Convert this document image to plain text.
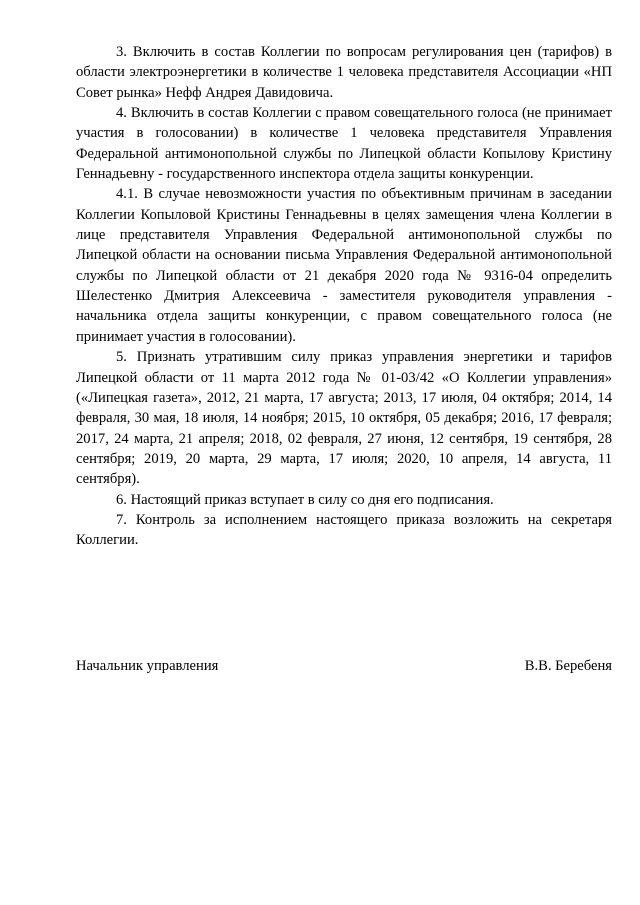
3. Включить в состав Коллегии по вопросам регулирования цен (тарифов) в области электроэнергетики в количестве 1 человека представителя Ассоциации «НП Совет рынка» Нефф Андрея Давидовича.

4. Включить в состав Коллегии с правом совещательного голоса (не принимает участия в голосовании) в количестве 1 человека представителя Управления Федеральной антимонопольной службы по Липецкой области Копылову Кристину Геннадьевну - государственного инспектора отдела защиты конкуренции.

4.1. В случае невозможности участия по объективным причинам в заседании Коллегии Копыловой Кристины Геннадьевны в целях замещения члена Коллегии в лице представителя Управления Федеральной антимонопольной службы по Липецкой области на основании письма Управления Федеральной антимонопольной службы по Липецкой области от 21 декабря 2020 года № 9316-04 определить Шелестенко Дмитрия Алексеевича - заместителя руководителя управления - начальника отдела защиты конкуренции, с правом совещательного голоса (не принимает участия в голосовании).

5. Признать утратившим силу приказ управления энергетики и тарифов Липецкой области от 11 марта 2012 года № 01-03/42 «О Коллегии управления» («Липецкая газета», 2012, 21 марта, 17 августа; 2013, 17 июля, 04 октября; 2014, 14 февраля, 30 мая, 18 июля, 14 ноября; 2015, 10 октября, 05 декабря; 2016, 17 февраля; 2017, 24 марта, 21 апреля; 2018, 02 февраля, 27 июня, 12 сентября, 19 сентября, 28 сентября; 2019, 20 марта, 29 марта, 17 июля; 2020, 10 апреля, 14 августа, 11 сентября).

6. Настоящий приказ вступает в силу со дня его подписания.

7. Контроль за исполнением настоящего приказа возложить на секретаря Коллегии.

Начальник управления	В.В. Беребеня
